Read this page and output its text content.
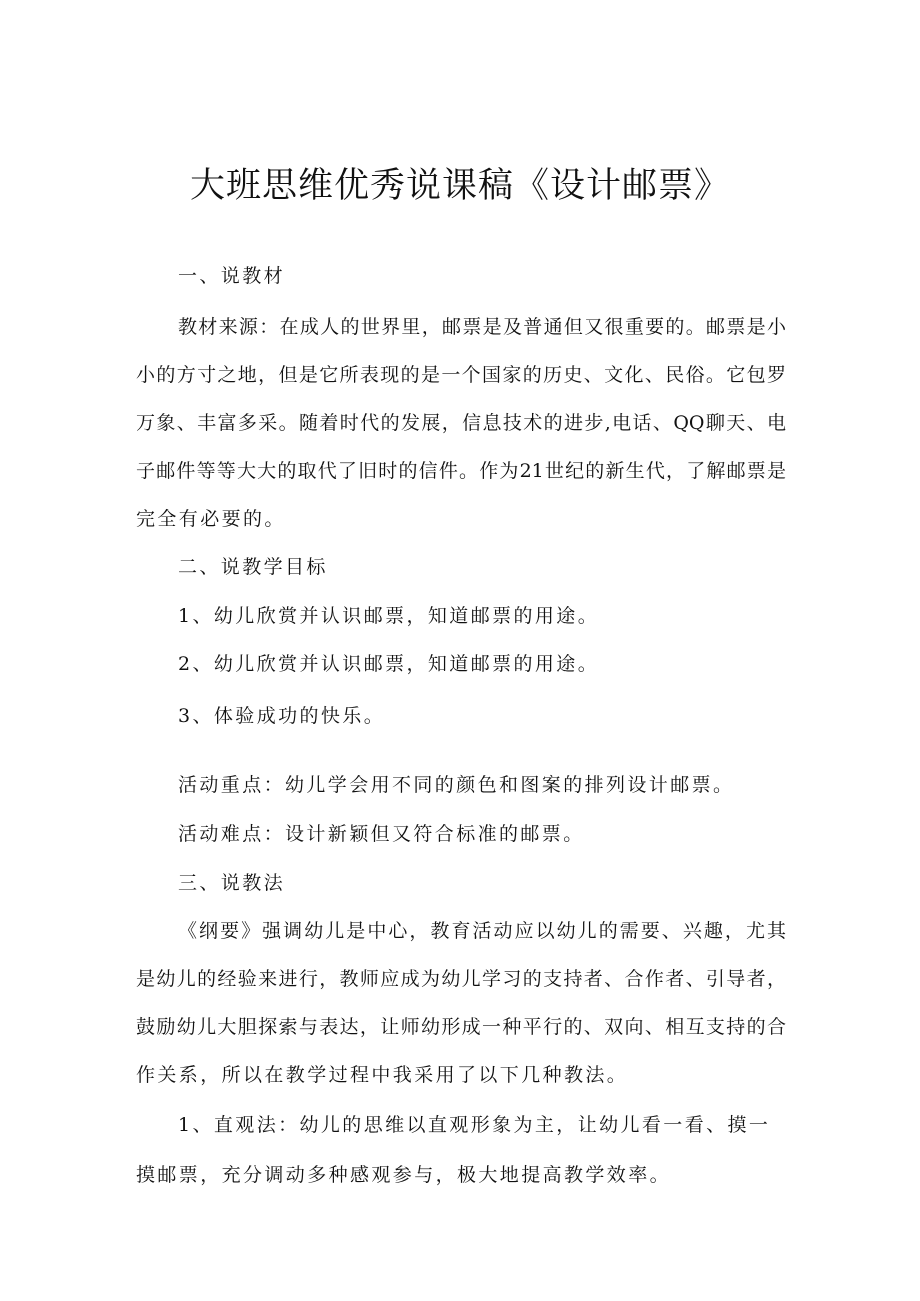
大班思维优秀说课稿《设计邮票》

一、说教材

教材来源：在成人的世界里，邮票是及普通但又很重要的。邮票是小

小的方寸之地，但是它所表现的是一个国家的历史、文化、民俗。它包罗

万象、丰富多采。随着时代的发展，信息技术的进步,电话、QQ聊天、电

子邮件等等大大的取代了旧时的信件。作为21世纪的新生代，了解邮票是

完全有必要的。

二、说教学目标

1、幼儿欣赏并认识邮票，知道邮票的用途。

2、幼儿欣赏并认识邮票，知道邮票的用途。

3、体验成功的快乐。

活动重点：幼儿学会用不同的颜色和图案的排列设计邮票。

活动难点：设计新颖但又符合标准的邮票。

三、说教法

《纲要》强调幼儿是中心，教育活动应以幼儿的需要、兴趣，尤其

是幼儿的经验来进行，教师应成为幼儿学习的支持者、合作者、引导者，

鼓励幼儿大胆探索与表达，让师幼形成一种平行的、双向、相互支持的合

作关系，所以在教学过程中我采用了以下几种教法。

1、直观法：幼儿的思维以直观形象为主，让幼儿看一看、摸一

摸邮票，充分调动多种感观参与，极大地提高教学效率。
